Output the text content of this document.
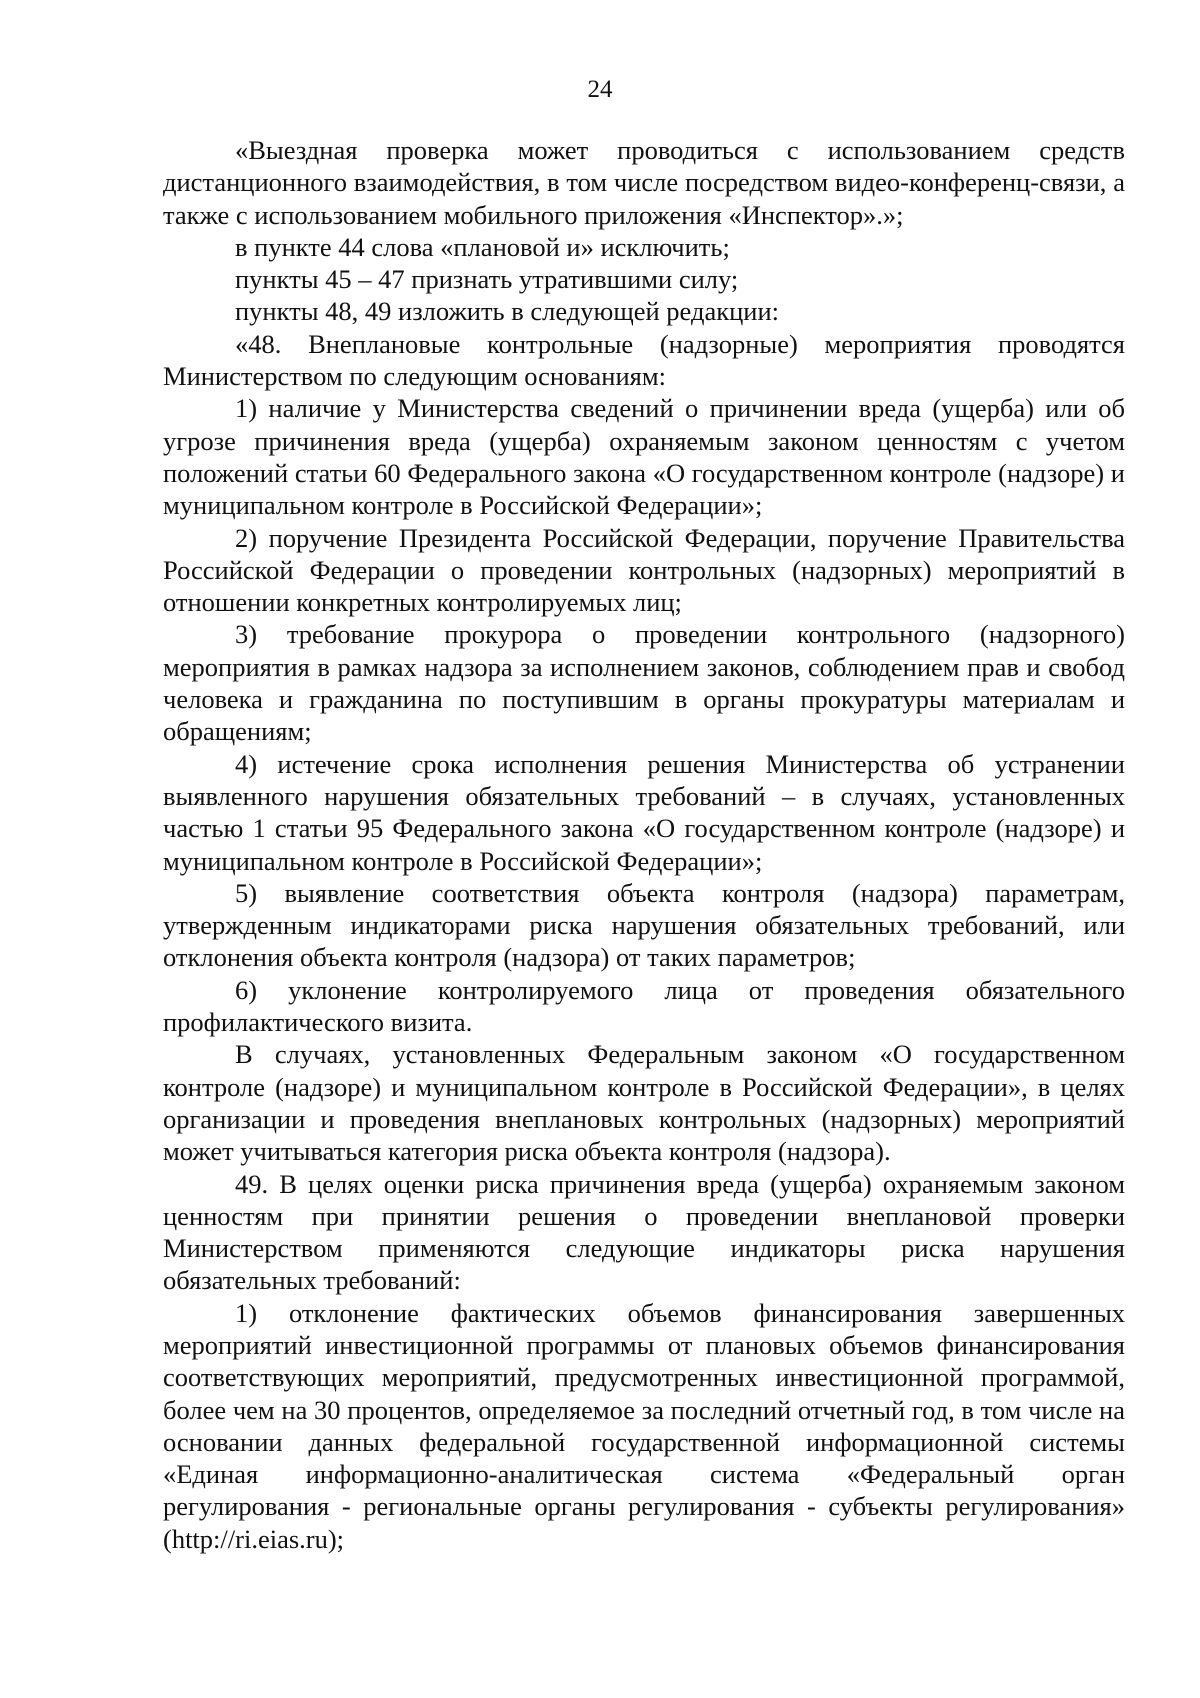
24

«Выездная проверка может проводиться с использованием средств дистанционного взаимодействия, в том числе посредством видео-конференц-связи, а также с использованием мобильного приложения «Инспектор».»;

в пункте 44 слова «плановой и» исключить;

пункты 45 – 47 признать утратившими силу;

пункты 48, 49 изложить в следующей редакции:

«48. Внеплановые контрольные (надзорные) мероприятия проводятся Министерством по следующим основаниям:

1) наличие у Министерства сведений о причинении вреда (ущерба) или об угрозе причинения вреда (ущерба) охраняемым законом ценностям с учетом положений статьи 60 Федерального закона «О государственном контроле (надзоре) и муниципальном контроле в Российской Федерации»;

2) поручение Президента Российской Федерации, поручение Правительства Российской Федерации о проведении контрольных (надзорных) мероприятий в отношении конкретных контролируемых лиц;

3) требование прокурора о проведении контрольного (надзорного) мероприятия в рамках надзора за исполнением законов, соблюдением прав и свобод человека и гражданина по поступившим в органы прокуратуры материалам и обращениям;

4) истечение срока исполнения решения Министерства об устранении выявленного нарушения обязательных требований – в случаях, установленных частью 1 статьи 95 Федерального закона «О государственном контроле (надзоре) и муниципальном контроле в Российской Федерации»;

5) выявление соответствия объекта контроля (надзора) параметрам, утвержденным индикаторами риска нарушения обязательных требований, или отклонения объекта контроля (надзора) от таких параметров;

6) уклонение контролируемого лица от проведения обязательного профилактического визита.

В случаях, установленных Федеральным законом «О государственном контроле (надзоре) и муниципальном контроле в Российской Федерации», в целях организации и проведения внеплановых контрольных (надзорных) мероприятий может учитываться категория риска объекта контроля (надзора).

49. В целях оценки риска причинения вреда (ущерба) охраняемым законом ценностям при принятии решения о проведении внеплановой проверки Министерством применяются следующие индикаторы риска нарушения обязательных требований:

1) отклонение фактических объемов финансирования завершенных мероприятий инвестиционной программы от плановых объемов финансирования соответствующих мероприятий, предусмотренных инвестиционной программой, более чем на 30 процентов, определяемое за последний отчетный год, в том числе на основании данных федеральной государственной информационной системы «Единая информационно-аналитическая система «Федеральный орган регулирования - региональные органы регулирования - субъекты регулирования» (http://ri.eias.ru);
